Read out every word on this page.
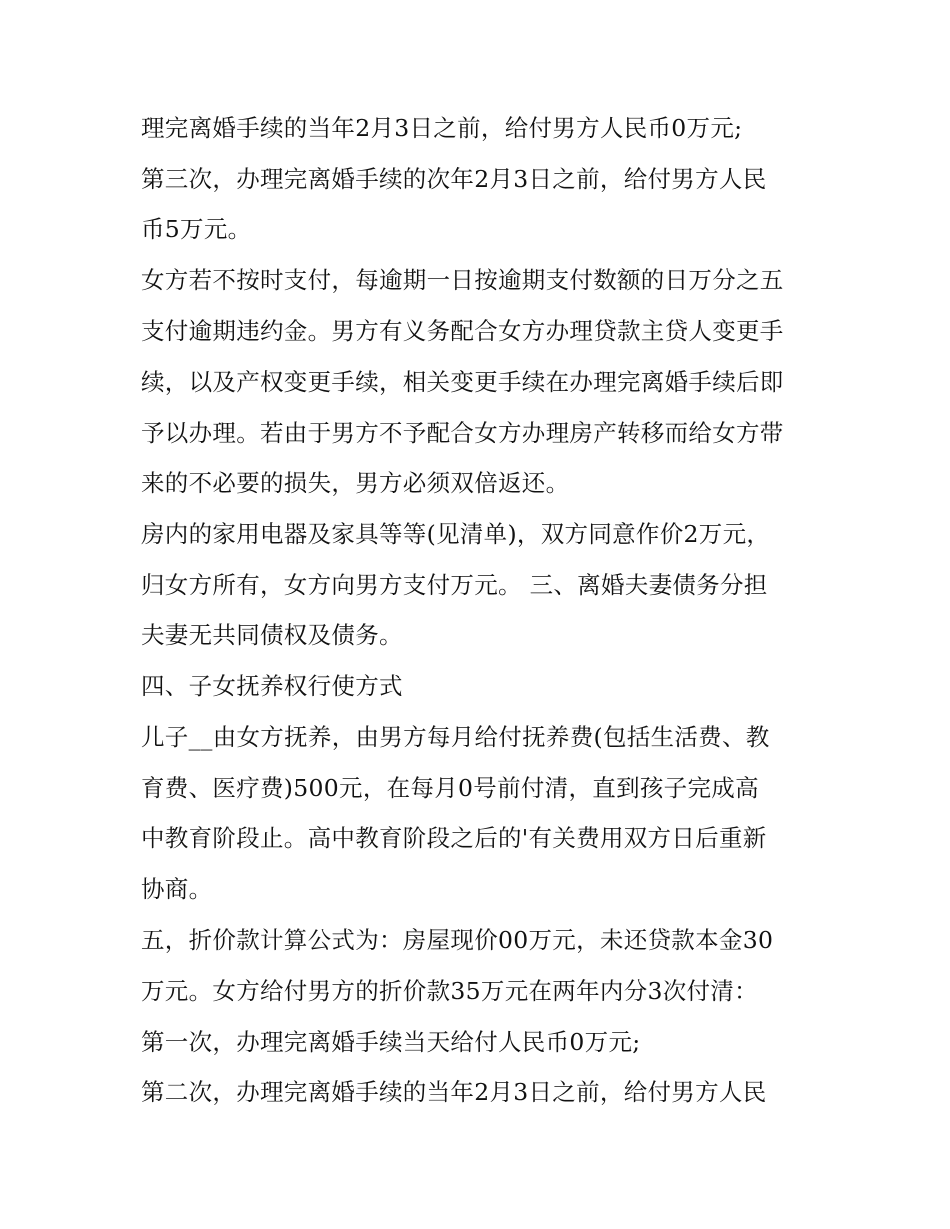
理完离婚手续的当年2月3日之前，给付男方人民币0万元;
第三次，办理完离婚手续的次年2月3日之前，给付男方人民
币5万元。
女方若不按时支付，每逾期一日按逾期支付数额的日万分之五
支付逾期违约金。男方有义务配合女方办理贷款主贷人变更手
续，以及产权变更手续，相关变更手续在办理完离婚手续后即
予以办理。若由于男方不予配合女方办理房产转移而给女方带
来的不必要的损失，男方必须双倍返还。
房内的家用电器及家具等等(见清单)，双方同意作价2万元，
归女方所有，女方向男方支付万元。 三、离婚夫妻债务分担
夫妻无共同债权及债务。
四、子女抚养权行使方式
儿子__由女方抚养，由男方每月给付抚养费(包括生活费、教
育费、医疗费)500元，在每月0号前付清，直到孩子完成高
中教育阶段止。高中教育阶段之后的'有关费用双方日后重新
协商。
五，折价款计算公式为：房屋现价00万元，未还贷款本金30
万元。女方给付男方的折价款35万元在两年内分3次付清：
第一次，办理完离婚手续当天给付人民币0万元;
第二次，办理完离婚手续的当年2月3日之前，给付男方人民
